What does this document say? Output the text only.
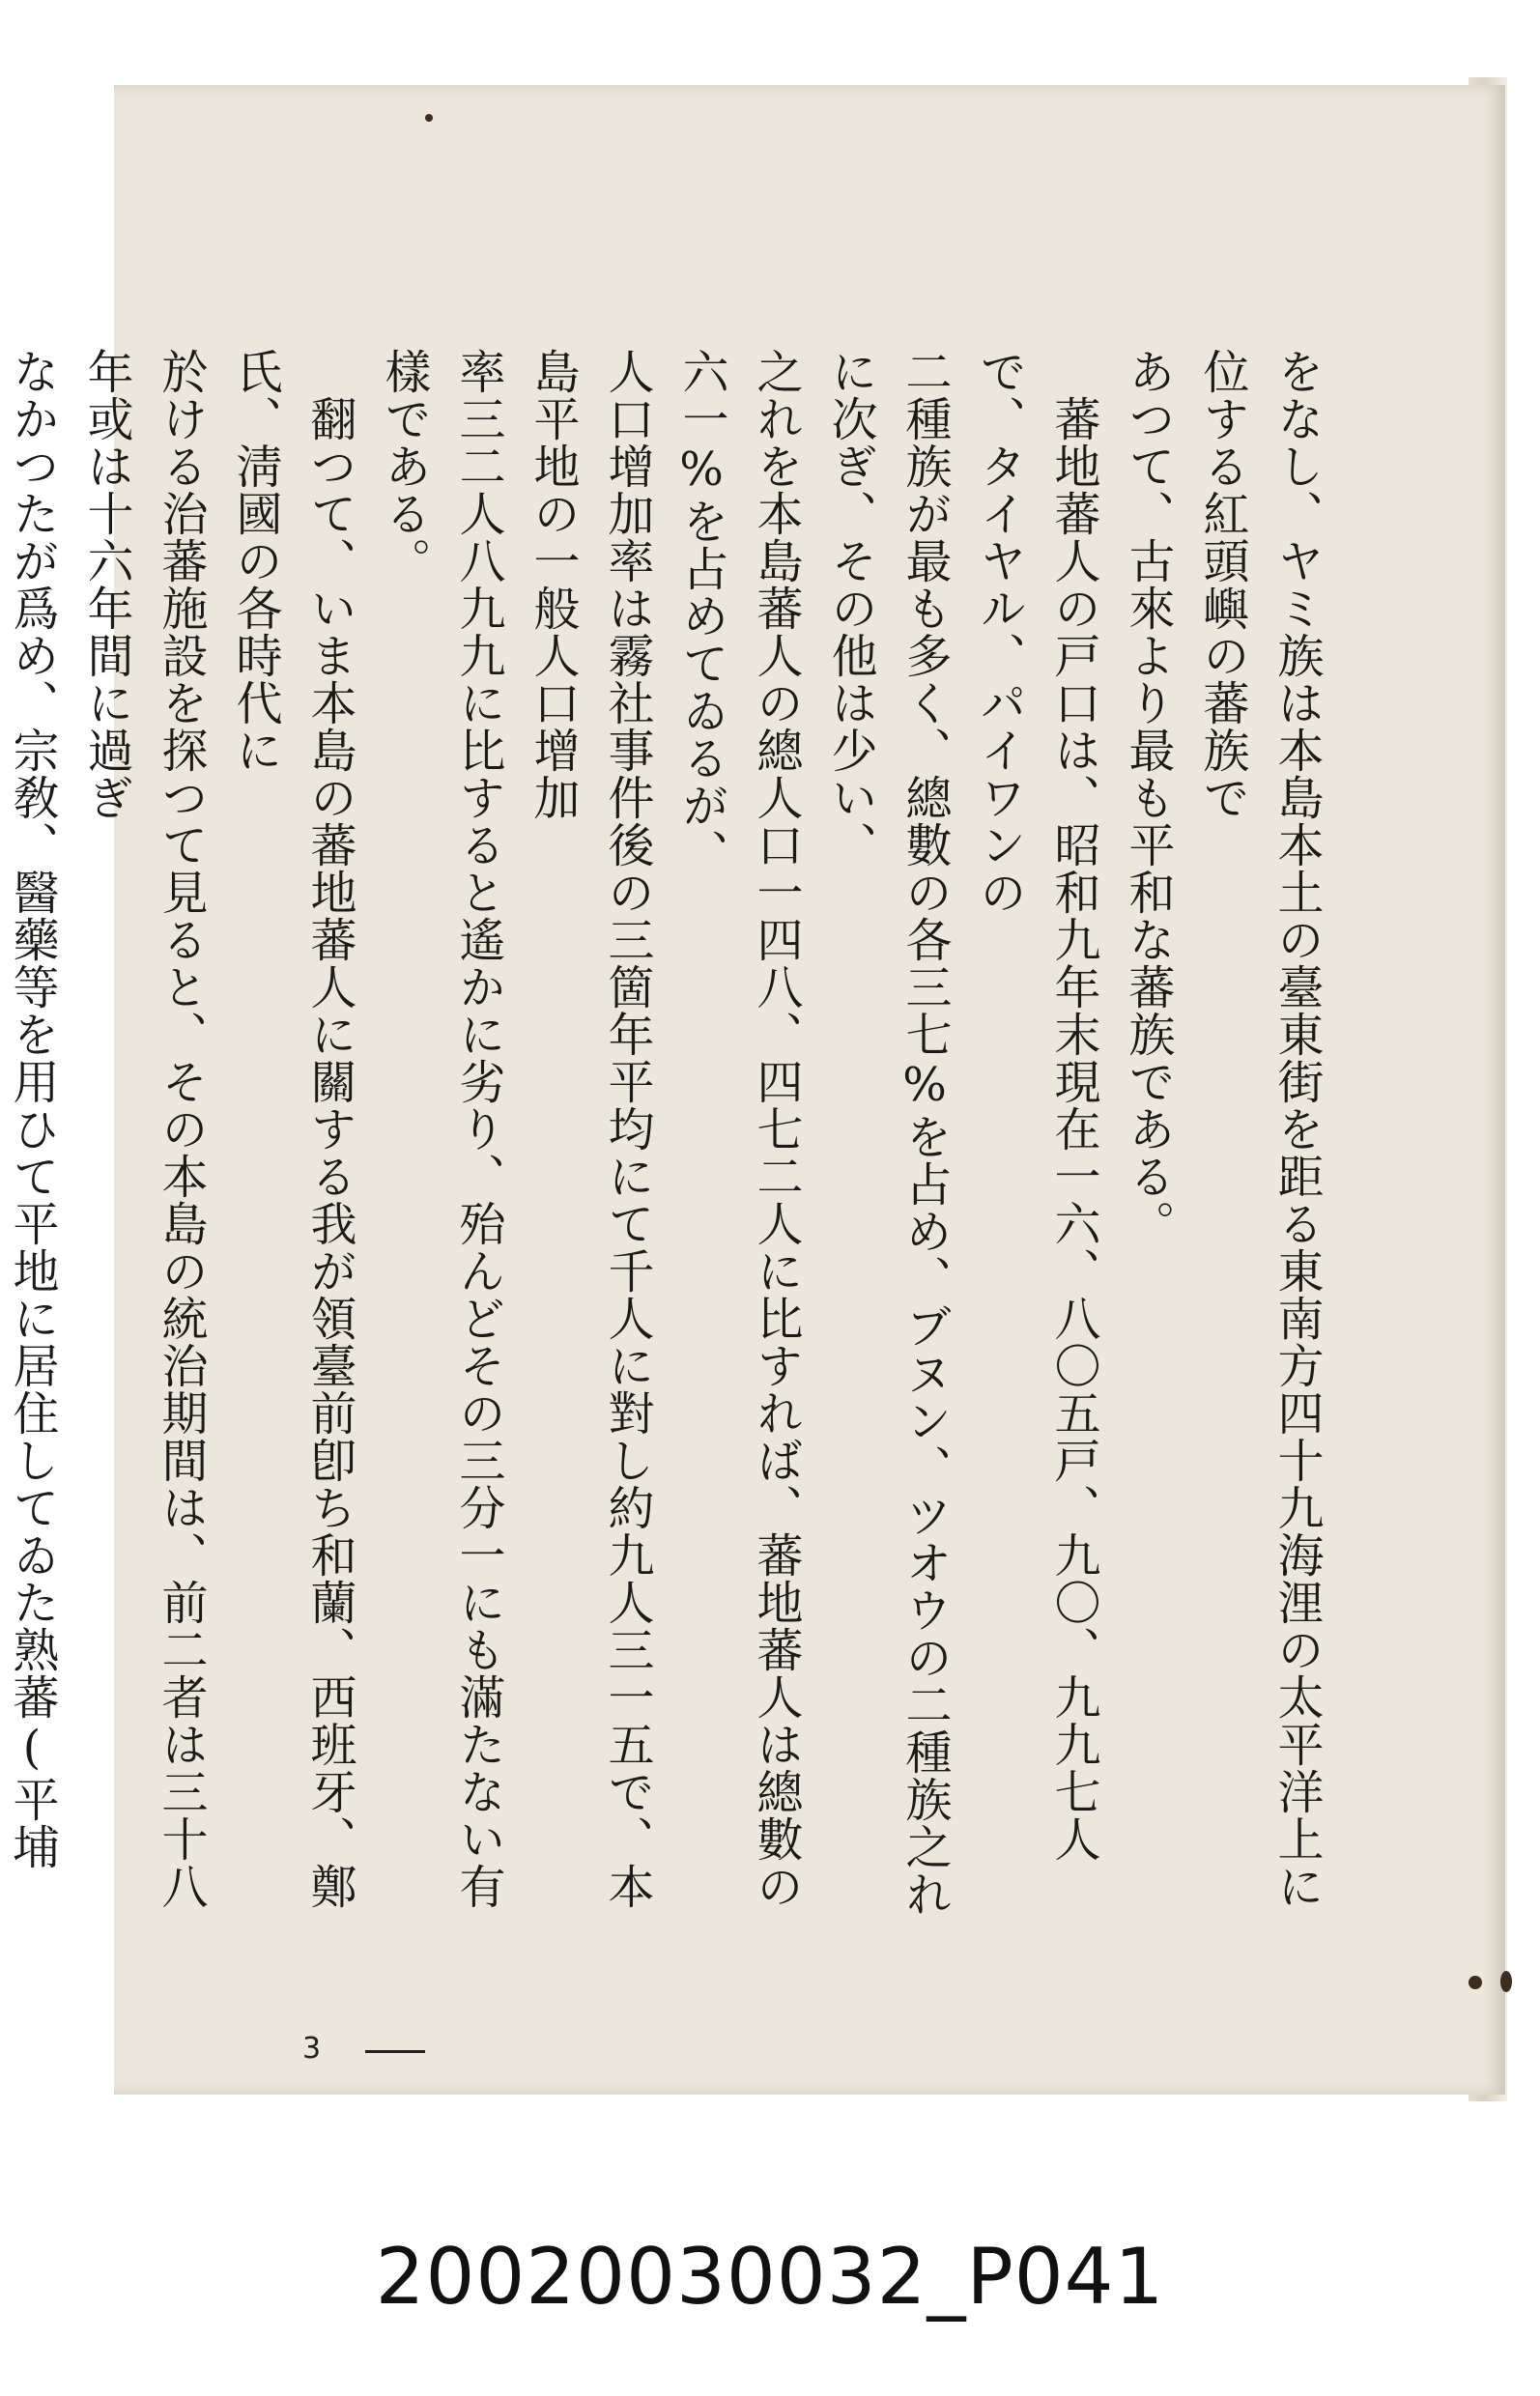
をなし、ヤミ族は本島本土の臺東街を距る東南方四十九海浬の太平洋上に位する紅頭嶼の蕃族で

あつて、古來より最も平和な蕃族である。

　蕃地蕃人の戸口は、昭和九年末現在一六、八〇五戸、九〇、九九七人で、タイヤル、パイワンの

二種族が最も多く、總數の各三七%を占め、ブヌン、ツオウの二種族之れに次ぎ、その他は少い、

之れを本島蕃人の總人口一四八、四七二人に比すれば、蕃地蕃人は總數の六一%を占めてゐるが、

人口增加率は霧社事件後の三箇年平均にて千人に對し約九人三一五で、本島平地の一般人口增加

率三二人八九九に比すると遙かに劣り、殆んどその三分一にも滿たない有樣である。

　翻つて、いま本島の蕃地蕃人に關する我が領臺前卽ち和蘭、西班牙、鄭氏、淸國の各時代に

於ける治蕃施設を探つて見ると、その本島の統治期間は、前二者は三十八年或は十六年間に過ぎ

なかつたが爲め、宗敎、醫藥等を用ひて平地に居住してゐた熟蕃(平埔

3
20020030032_P041
